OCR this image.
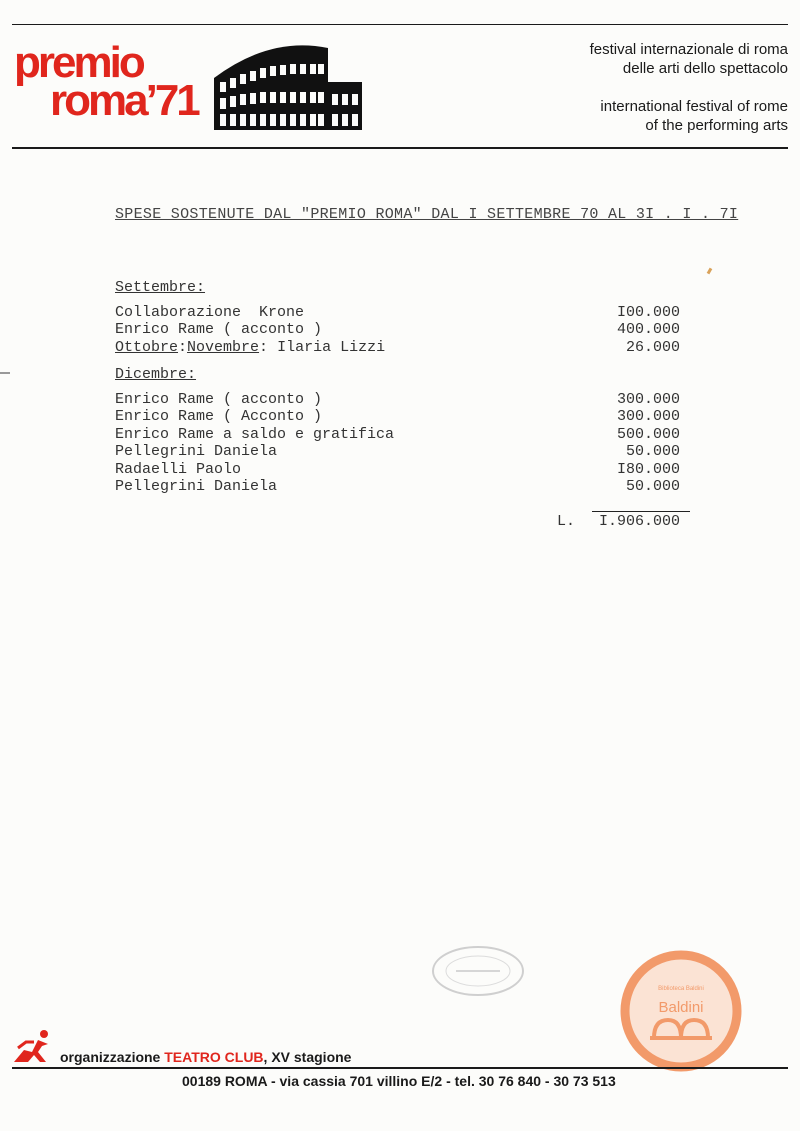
premio
roma’71
festival internazionale di roma
delle arti dello spettacolo
international festival of rome
of the performing arts
SPESE SOSTENUTE DAL "PREMIO ROMA" DAL I SETTEMBRE 70 AL 3I . I . 7I
Settembre:
Collaborazione  Krone	I00.000
Enrico Rame ( acconto )	400.000
Ottobre:Novembre: Ilaria Lizzi	26.000
Dicembre:
Enrico Rame ( acconto )	300.000
Enrico Rame ( Acconto )	300.000
Enrico Rame a saldo e gratifica	500.000
Pellegrini Daniela	50.000
Radaelli Paolo	I80.000
Pellegrini Daniela	50.000
L.	I.906.000
Biblioteca Baldini
Baldini
organizzazione TEATRO CLUB, XV stagione
00189 ROMA - via cassia 701 villino E/2 - tel. 30 76 840 - 30 73 513
